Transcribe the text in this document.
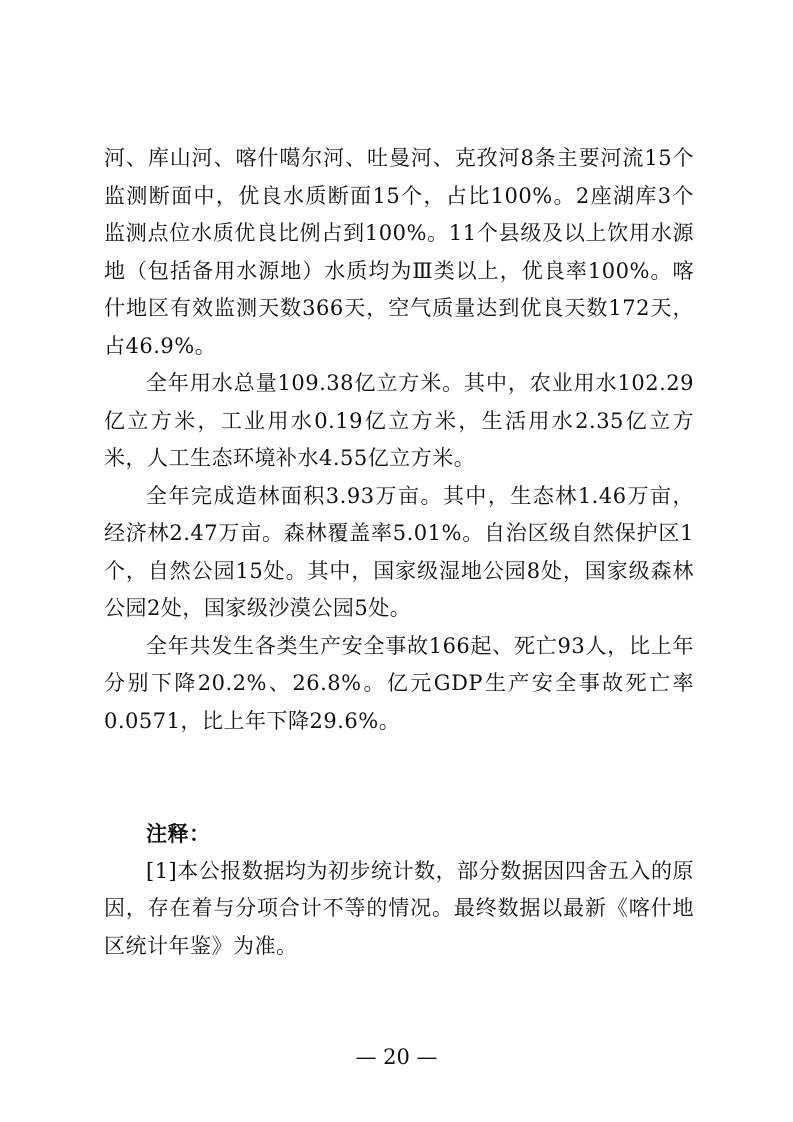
河、库山河、喀什噶尔河、吐曼河、克孜河8条主要河流15个监测断面中，优良水质断面15个，占比100%。2座湖库3个监测点位水质优良比例占到100%。11个县级及以上饮用水源地（包括备用水源地）水质均为Ⅲ类以上，优良率100%。喀什地区有效监测天数366天，空气质量达到优良天数172天，占46.9%。

全年用水总量109.38亿立方米。其中，农业用水102.29亿立方米，工业用水0.19亿立方米，生活用水2.35亿立方米，人工生态环境补水4.55亿立方米。

全年完成造林面积3.93万亩。其中，生态林1.46万亩，经济林2.47万亩。森林覆盖率5.01%。自治区级自然保护区1个，自然公园15处。其中，国家级湿地公园8处，国家级森林公园2处，国家级沙漠公园5处。

全年共发生各类生产安全事故166起、死亡93人，比上年分别下降20.2%、26.8%。亿元GDP生产安全事故死亡率0.0571，比上年下降29.6%。

注释：

[1]本公报数据均为初步统计数，部分数据因四舍五入的原因，存在着与分项合计不等的情况。最终数据以最新《喀什地区统计年鉴》为准。

— 20 —
